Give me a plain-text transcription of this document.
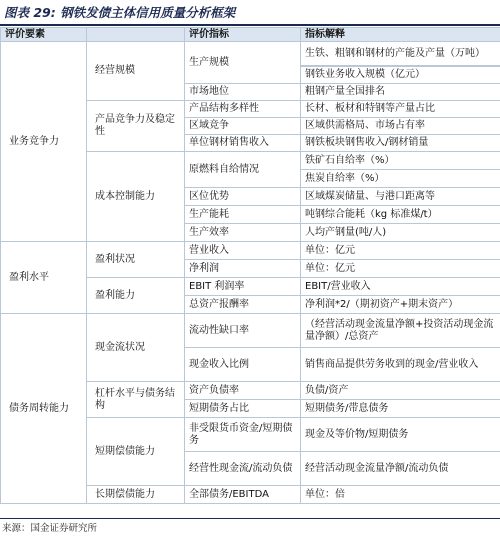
图表 29: 钢铁发债主体信用质量分析框架
评价要素		评价指标	指标解释
业务竞争力	经营规模	生产规模	生铁、粗钢和钢材的产能及产量（万吨）

			钢铁业务收入规模（亿元）
		市场地位	粗钢产量全国排名
	产品竞争力及稳定性	产品结构多样性	长材、板材和特钢等产量占比
		区域竞争	区域供需格局、市场占有率
		单位钢材销售收入	钢铁板块钢售收入/钢材销量
	成本控制能力	原燃料自给情况	铁矿石自给率（%）
			焦炭自给率（%）
		区位优势	区域煤炭储量、与港口距离等
		生产能耗	吨钢综合能耗（kg 标准煤/t）
		生产效率	人均产钢量(吨/人)
盈利水平	盈利状况	营业收入	单位：亿元
		净利润	单位：亿元
	盈利能力	EBIT 利润率	EBIT/营业收入
		总资产报酬率	净利润*2/（期初资产+期末资产）
债务周转能力	现金流状况	流动性缺口率	（经营活动现金流量净额+投资活动现金流量净额）/总资产
		现金收入比例	销售商品提供劳务收到的现金/营业收入
	杠杆水平与债务结构	资产负债率	负债/资产
		短期债务占比	短期债务/带息债务
	短期偿债能力	非受限货币资金/短期债务	现金及等价物/短期债务
		经营性现金流/流动负债	经营活动现金流量净额/流动负债
	长期偿债能力	全部债务/EBITDA	单位：倍
来源：国金证券研究所
